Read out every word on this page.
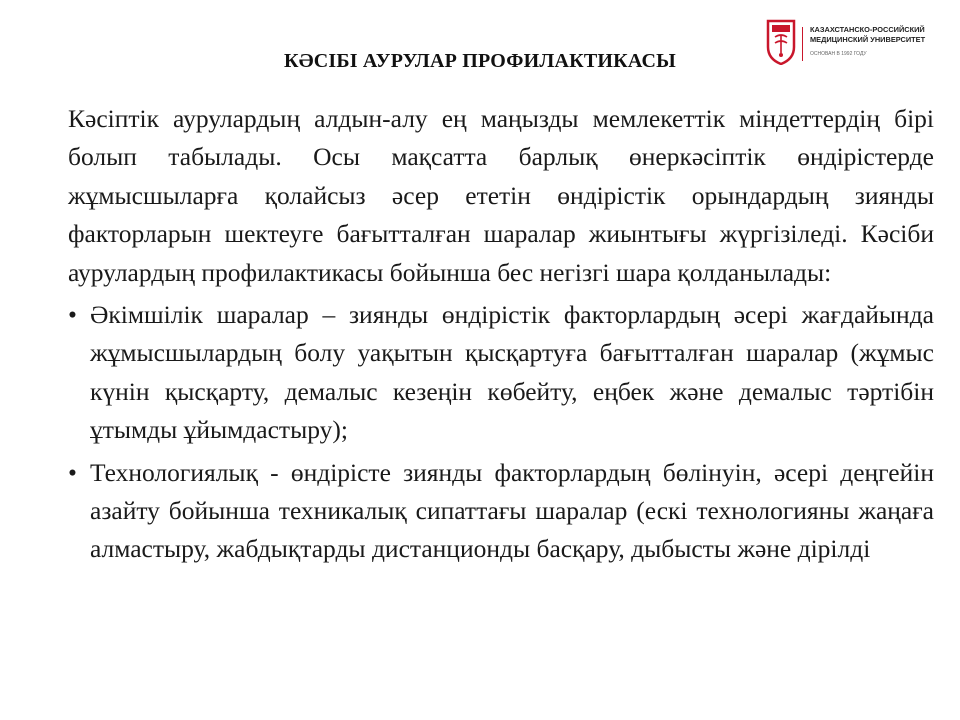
КӘСІБІ АУРУЛАР ПРОФИЛАКТИКАСЫ
КАЗАХСТАНСКО-РОССИЙСКИЙ
МЕДИЦИНСКИЙ УНИВЕРСИТЕТ
ОСНОВАН В 1992 ГОДУ

Кәсіптік аурулардың алдын-алу ең маңызды мемлекеттік міндеттердің бірі болып табылады. Осы мақсатта барлық өнеркәсіптік өндірістерде жұмысшыларға қолайсыз әсер ететін өндірістік орындардың зиянды факторларын шектеуге бағытталған шаралар жиынтығы жүргізіледі. Кәсіби аурулардың профилактикасы бойынша бес негізгі шара қолданылады:

• Әкімшілік шаралар – зиянды өндірістік факторлардың әсері жағдайында жұмысшылардың болу уақытын қысқартуға бағытталған шаралар (жұмыс күнін қысқарту, демалыс кезеңін көбейту, еңбек және демалыс тәртібін ұтымды ұйымдастыру);
• Технологиялық - өндірісте зиянды факторлардың бөлінуін, әсері деңгейін азайту бойынша техникалық сипаттағы шаралар (ескі технологияны жаңаға алмастыру, жабдықтарды дистанционды басқару, дыбысты және дірілді
